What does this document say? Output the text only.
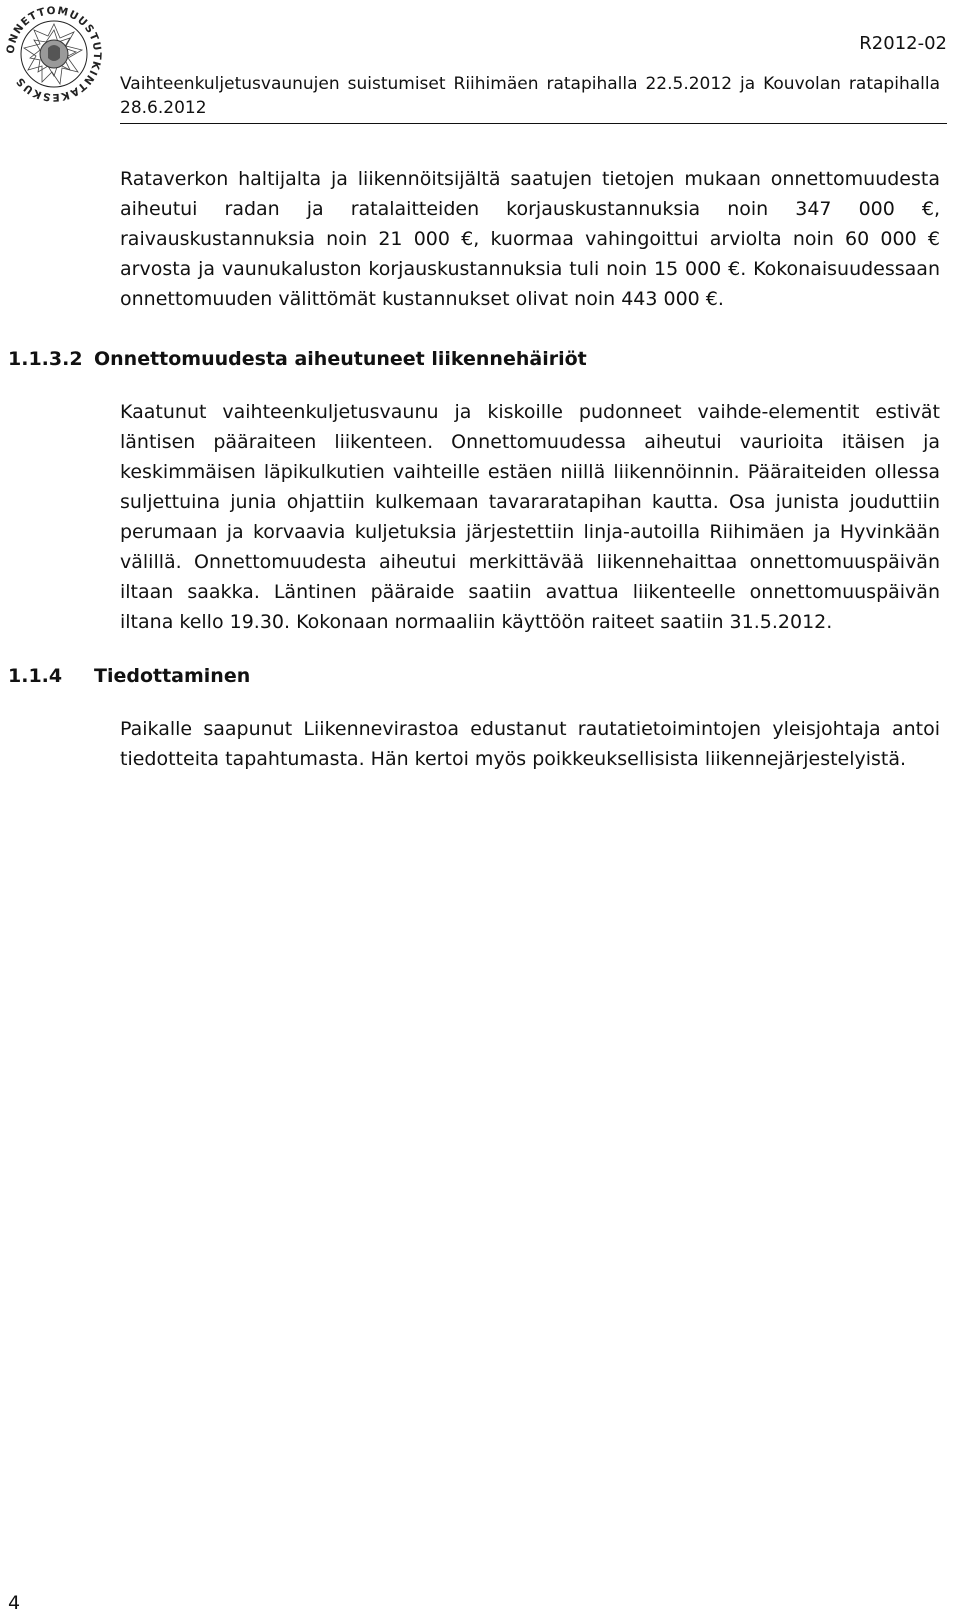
ONNETTOMUUSTUTKINTAKESKUS
R2012-02
Vaihteenkuljetusvaunujen suistumiset Riihimäen ratapihalla 22.5.2012 ja Kouvolan ratapihalla
28.6.2012

Rataverkon haltijalta ja liikennöitsijältä saatujen tietojen mukaan onnettomuudesta aiheutui radan ja ratalaitteiden korjauskustannuksia noin 347 000 €, raivauskustannuksia noin 21 000 €, kuormaa vahingoittui arviolta noin 60 000 € arvosta ja vaunukaluston korjauskustannuksia tuli noin 15 000 €. Kokonaisuudessaan onnettomuuden välittömät kustannukset olivat noin 443 000 €.

1.1.3.2 Onnettomuudesta aiheutuneet liikennehäiriöt

Kaatunut vaihteenkuljetusvaunu ja kiskoille pudonneet vaihde-elementit estivät läntisen pääraiteen liikenteen. Onnettomuudessa aiheutui vaurioita itäisen ja keskimmäisen läpikulkutien vaihteille estäen niillä liikennöinnin. Pääraiteiden ollessa suljettuina junia ohjattiin kulkemaan tavararatapihan kautta. Osa junista jouduttiin perumaan ja korvaavia kuljetuksia järjestettiin linja-autoilla Riihimäen ja Hyvinkään välillä. Onnettomuudesta aiheutui merkittävää liikennehaittaa onnettomuuspäivän iltaan saakka. Läntinen pääraide saatiin avattua liikenteelle onnettomuuspäivän iltana kello 19.30. Kokonaan normaaliin käyttöön raiteet saatiin 31.5.2012.

1.1.4 Tiedottaminen

Paikalle saapunut Liikennevirastoa edustanut rautatietoimintojen yleisjohtaja antoi tiedotteita tapahtumasta. Hän kertoi myös poikkeuksellisista liikennejärjestelyistä.

4
